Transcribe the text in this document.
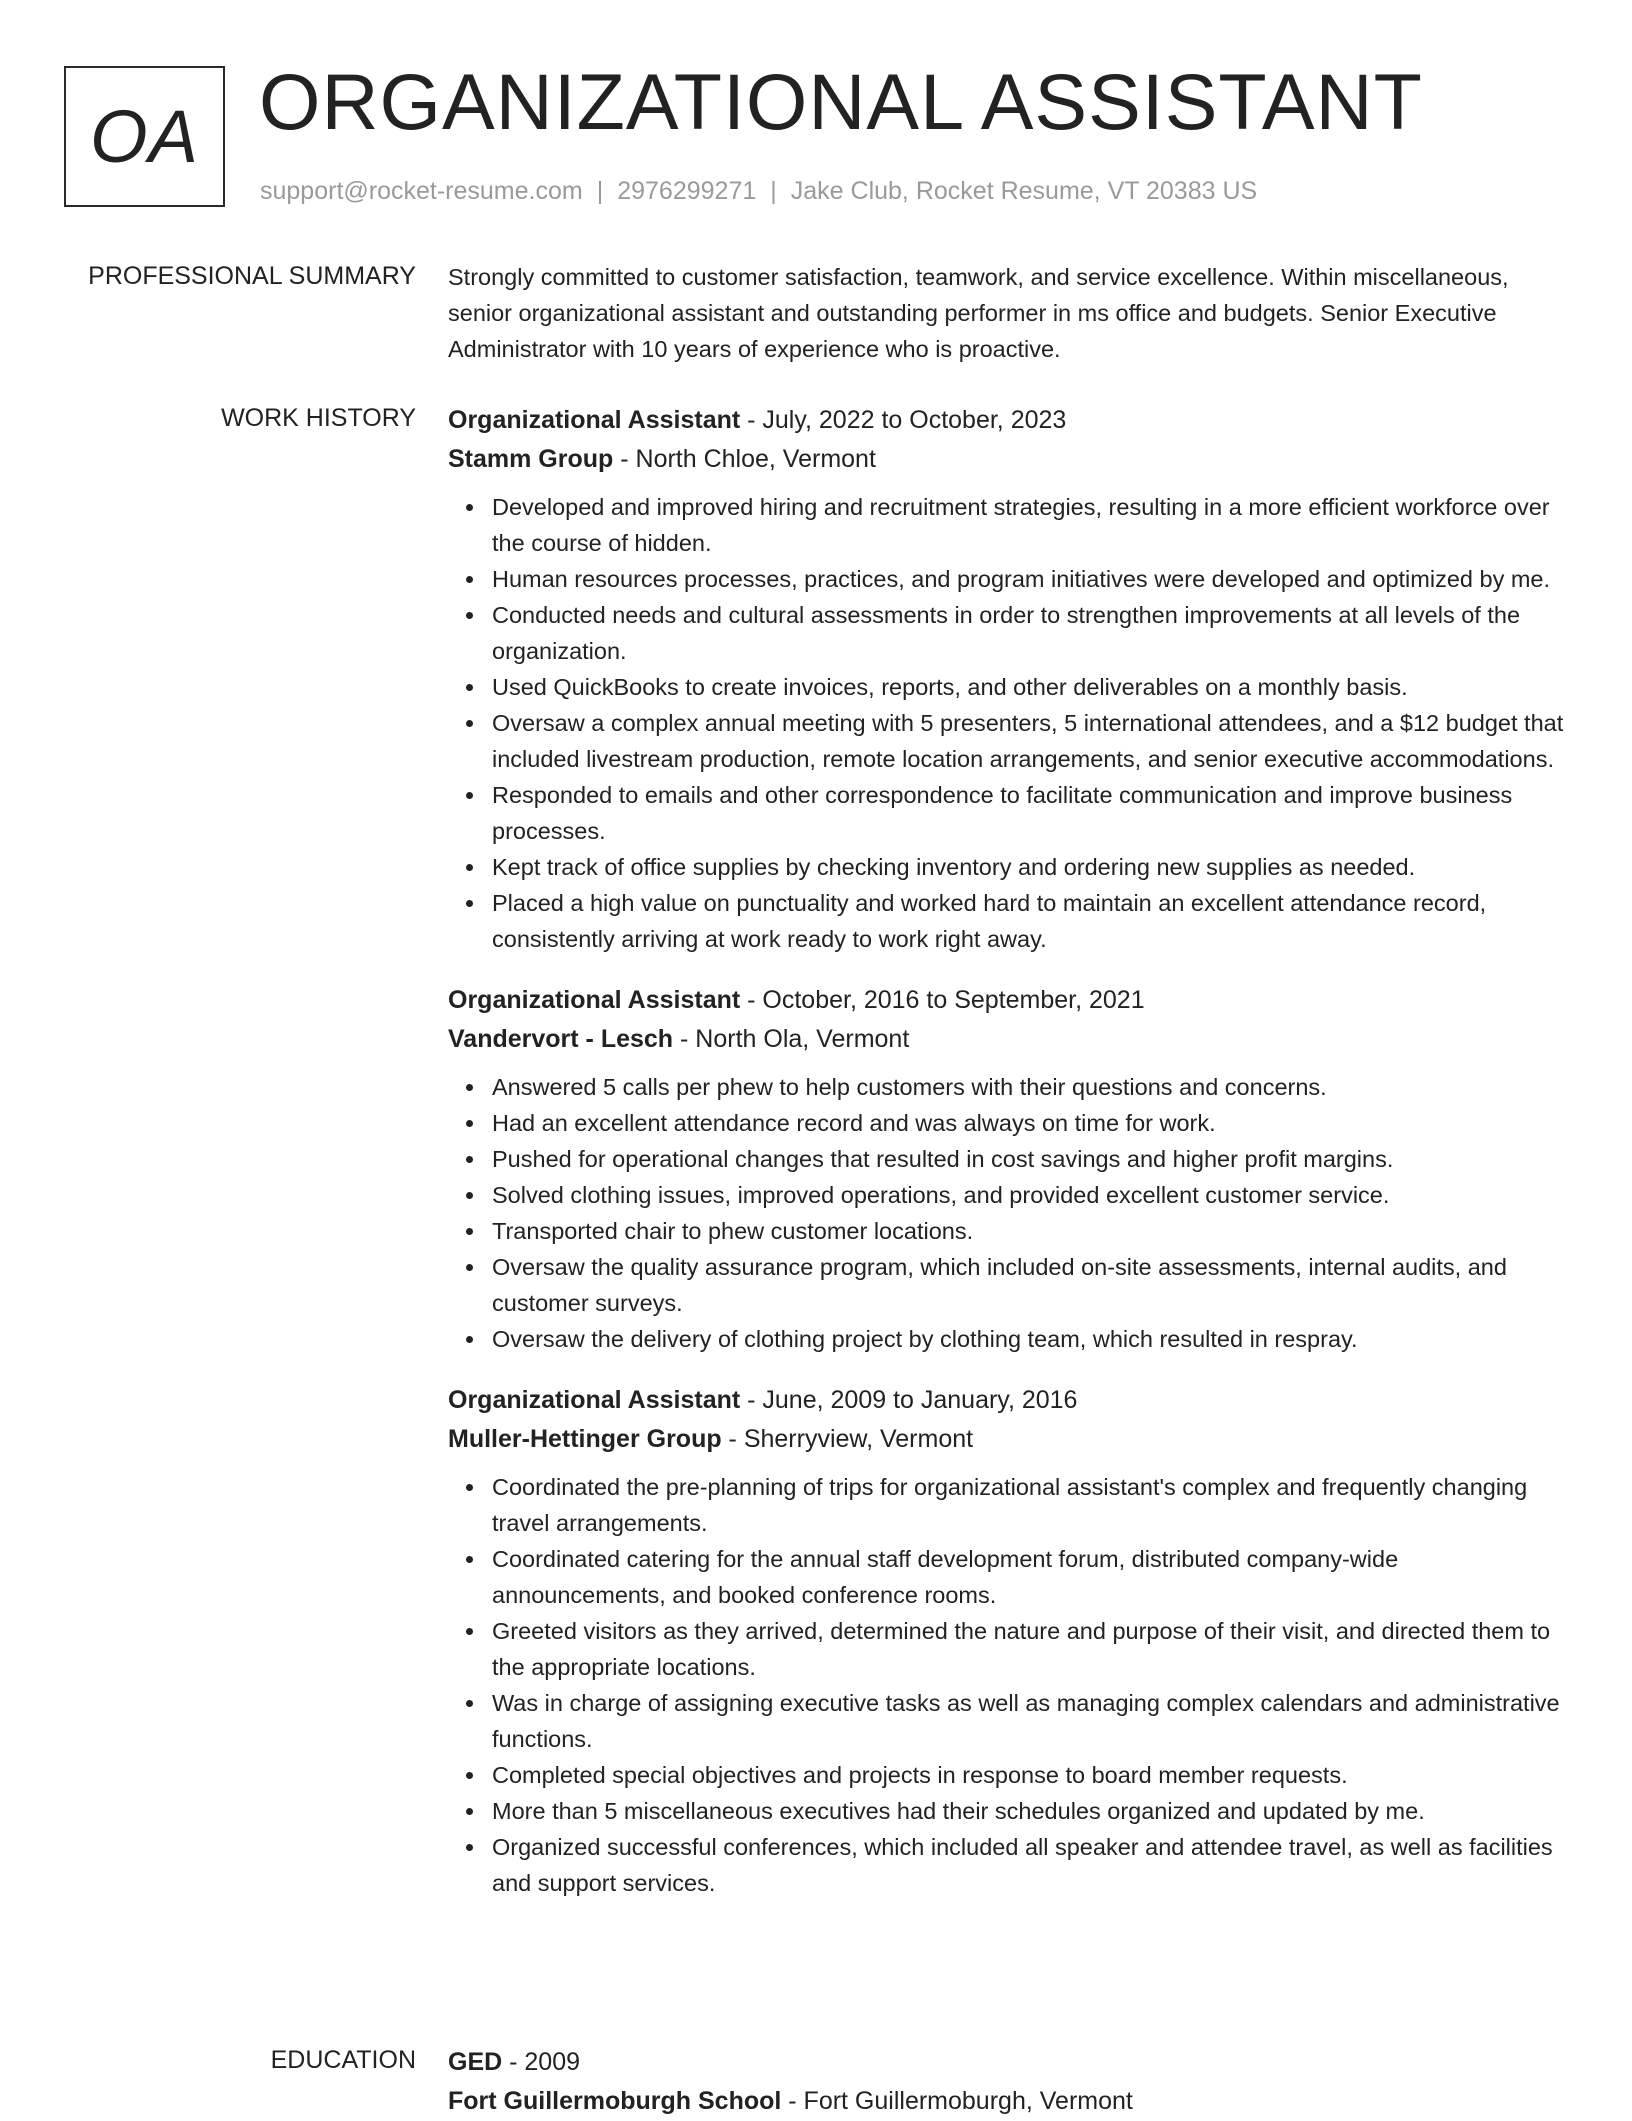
OA ORGANIZATIONAL ASSISTANT
support@rocket-resume.com | 2976299271 | Jake Club, Rocket Resume, VT 20383 US
PROFESSIONAL SUMMARY Strongly committed to customer satisfaction, teamwork, and service excellence. Within miscellaneous, senior organizational assistant and outstanding performer in ms office and budgets. Senior Executive Administrator with 10 years of experience who is proactive.

WORK HISTORY Organizational Assistant - July, 2022 to October, 2023

Stamm Group - North Chloe, Vermont

Developed and improved hiring and recruitment strategies, resulting in a more efficient workforce over the course of hidden.
Human resources processes, practices, and program initiatives were developed and optimized by me.
Conducted needs and cultural assessments in order to strengthen improvements at all levels of the organization.
Used QuickBooks to create invoices, reports, and other deliverables on a monthly basis.
Oversaw a complex annual meeting with 5 presenters, 5 international attendees, and a $12 budget that included livestream production, remote location arrangements, and senior executive accommodations.
Responded to emails and other correspondence to facilitate communication and improve business processes.
Kept track of office supplies by checking inventory and ordering new supplies as needed.
Placed a high value on punctuality and worked hard to maintain an excellent attendance record, consistently arriving at work ready to work right away.

Organizational Assistant - October, 2016 to September, 2021

Vandervort - Lesch - North Ola, Vermont

Answered 5 calls per phew to help customers with their questions and concerns.
Had an excellent attendance record and was always on time for work.
Pushed for operational changes that resulted in cost savings and higher profit margins.
Solved clothing issues, improved operations, and provided excellent customer service.
Transported chair to phew customer locations.
Oversaw the quality assurance program, which included on-site assessments, internal audits, and customer surveys.
Oversaw the delivery of clothing project by clothing team, which resulted in respray.

Organizational Assistant - June, 2009 to January, 2016

Muller-Hettinger Group - Sherryview, Vermont

Coordinated the pre-planning of trips for organizational assistant's complex and frequently changing travel arrangements.
Coordinated catering for the annual staff development forum, distributed company-wide announcements, and booked conference rooms.
Greeted visitors as they arrived, determined the nature and purpose of their visit, and directed them to the appropriate locations.
Was in charge of assigning executive tasks as well as managing complex calendars and administrative functions.
Completed special objectives and projects in response to board member requests.
More than 5 miscellaneous executives had their schedules organized and updated by me.
Organized successful conferences, which included all speaker and attendee travel, as well as facilities and support services.
EDUCATION GED - 2009

Fort Guillermoburgh School - Fort Guillermoburgh, Vermont
